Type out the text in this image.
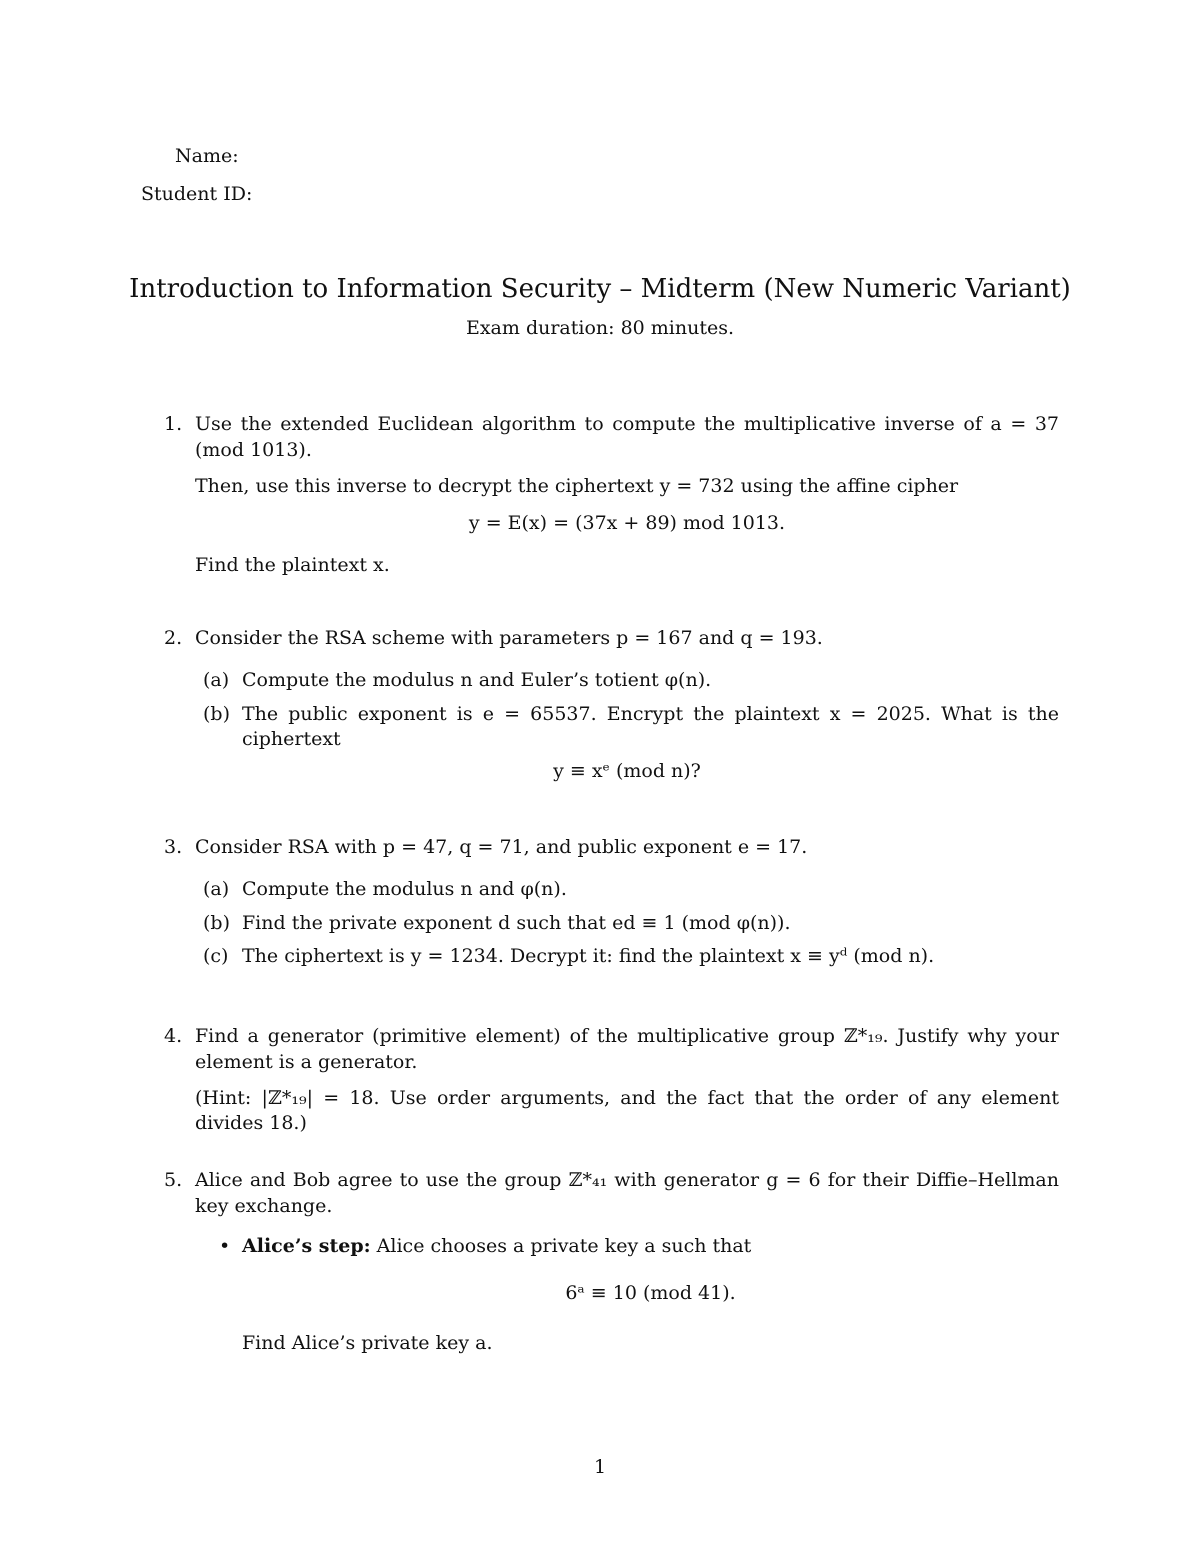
Name:
Student ID:
Introduction to Information Security – Midterm (New Numeric Variant)
Exam duration: 80 minutes.
1. Use the extended Euclidean algorithm to compute the multiplicative inverse of a = 37 (mod 1013).

Then, use this inverse to decrypt the ciphertext y = 732 using the affine cipher

y = E(x) = (37x + 89) mod 1013.

Find the plaintext x.

2. Consider the RSA scheme with parameters p = 167 and q = 193.

(a) Compute the modulus n and Euler’s totient φ(n).
(b) The public exponent is e = 65537. Encrypt the plaintext x = 2025. What is the ciphertext
y ≡ xᵉ (mod n)?
3. Consider RSA with p = 47, q = 71, and public exponent e = 17.

(a) Compute the modulus n and φ(n).
(b) Find the private exponent d such that ed ≡ 1 (mod φ(n)).
(c) The ciphertext is y = 1234. Decrypt it: find the plaintext x ≡ yᵈ (mod n).
4. Find a generator (primitive element) of the multiplicative group ℤ*₁₉. Justify why your element is a generator.

(Hint: |ℤ*₁₉| = 18. Use order arguments, and the fact that the order of any element divides 18.)

5. Alice and Bob agree to use the group ℤ*₄₁ with generator g = 6 for their Diffie–Hellman key exchange.

• Alice’s step: Alice chooses a private key a such that
6ᵃ ≡ 10 (mod 41).
Find Alice’s private key a.
1
